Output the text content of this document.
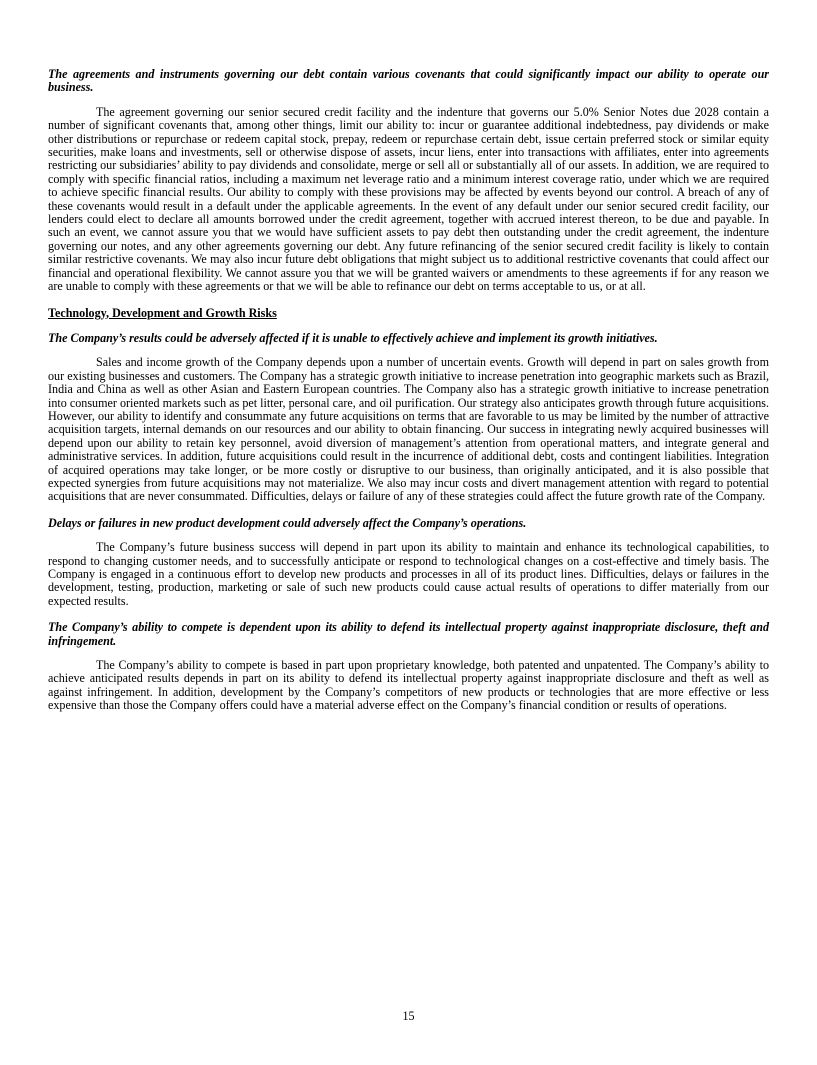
The agreements and instruments governing our debt contain various covenants that could significantly impact our ability to operate our business.

The agreement governing our senior secured credit facility and the indenture that governs our 5.0% Senior Notes due 2028 contain a number of significant covenants that, among other things, limit our ability to: incur or guarantee additional indebtedness, pay dividends or make other distributions or repurchase or redeem capital stock, prepay, redeem or repurchase certain debt, issue certain preferred stock or similar equity securities, make loans and investments, sell or otherwise dispose of assets, incur liens, enter into transactions with affiliates, enter into agreements restricting our subsidiaries’ ability to pay dividends and consolidate, merge or sell all or substantially all of our assets. In addition, we are required to comply with specific financial ratios, including a maximum net leverage ratio and a minimum interest coverage ratio, under which we are required to achieve specific financial results. Our ability to comply with these provisions may be affected by events beyond our control. A breach of any of these covenants would result in a default under the applicable agreements. In the event of any default under our senior secured credit facility, our lenders could elect to declare all amounts borrowed under the credit agreement, together with accrued interest thereon, to be due and payable. In such an event, we cannot assure you that we would have sufficient assets to pay debt then outstanding under the credit agreement, the indenture governing our notes, and any other agreements governing our debt. Any future refinancing of the senior secured credit facility is likely to contain similar restrictive covenants. We may also incur future debt obligations that might subject us to additional restrictive covenants that could affect our financial and operational flexibility. We cannot assure you that we will be granted waivers or amendments to these agreements if for any reason we are unable to comply with these agreements or that we will be able to refinance our debt on terms acceptable to us, or at all.

Technology, Development and Growth Risks

The Company’s results could be adversely affected if it is unable to effectively achieve and implement its growth initiatives.

Sales and income growth of the Company depends upon a number of uncertain events. Growth will depend in part on sales growth from our existing businesses and customers. The Company has a strategic growth initiative to increase penetration into geographic markets such as Brazil, India and China as well as other Asian and Eastern European countries. The Company also has a strategic growth initiative to increase penetration into consumer oriented markets such as pet litter, personal care, and oil purification. Our strategy also anticipates growth through future acquisitions. However, our ability to identify and consummate any future acquisitions on terms that are favorable to us may be limited by the number of attractive acquisition targets, internal demands on our resources and our ability to obtain financing. Our success in integrating newly acquired businesses will depend upon our ability to retain key personnel, avoid diversion of management’s attention from operational matters, and integrate general and administrative services. In addition, future acquisitions could result in the incurrence of additional debt, costs and contingent liabilities. Integration of acquired operations may take longer, or be more costly or disruptive to our business, than originally anticipated, and it is also possible that expected synergies from future acquisitions may not materialize. We also may incur costs and divert management attention with regard to potential acquisitions that are never consummated. Difficulties, delays or failure of any of these strategies could affect the future growth rate of the Company.

Delays or failures in new product development could adversely affect the Company’s operations.

The Company’s future business success will depend in part upon its ability to maintain and enhance its technological capabilities, to respond to changing customer needs, and to successfully anticipate or respond to technological changes on a cost-effective and timely basis. The Company is engaged in a continuous effort to develop new products and processes in all of its product lines. Difficulties, delays or failures in the development, testing, production, marketing or sale of such new products could cause actual results of operations to differ materially from our expected results.

The Company’s ability to compete is dependent upon its ability to defend its intellectual property against inappropriate disclosure, theft and infringement.

The Company’s ability to compete is based in part upon proprietary knowledge, both patented and unpatented. The Company’s ability to achieve anticipated results depends in part on its ability to defend its intellectual property against inappropriate disclosure and theft as well as against infringement. In addition, development by the Company’s competitors of new products or technologies that are more effective or less expensive than those the Company offers could have a material adverse effect on the Company’s financial condition or results of operations.

15
